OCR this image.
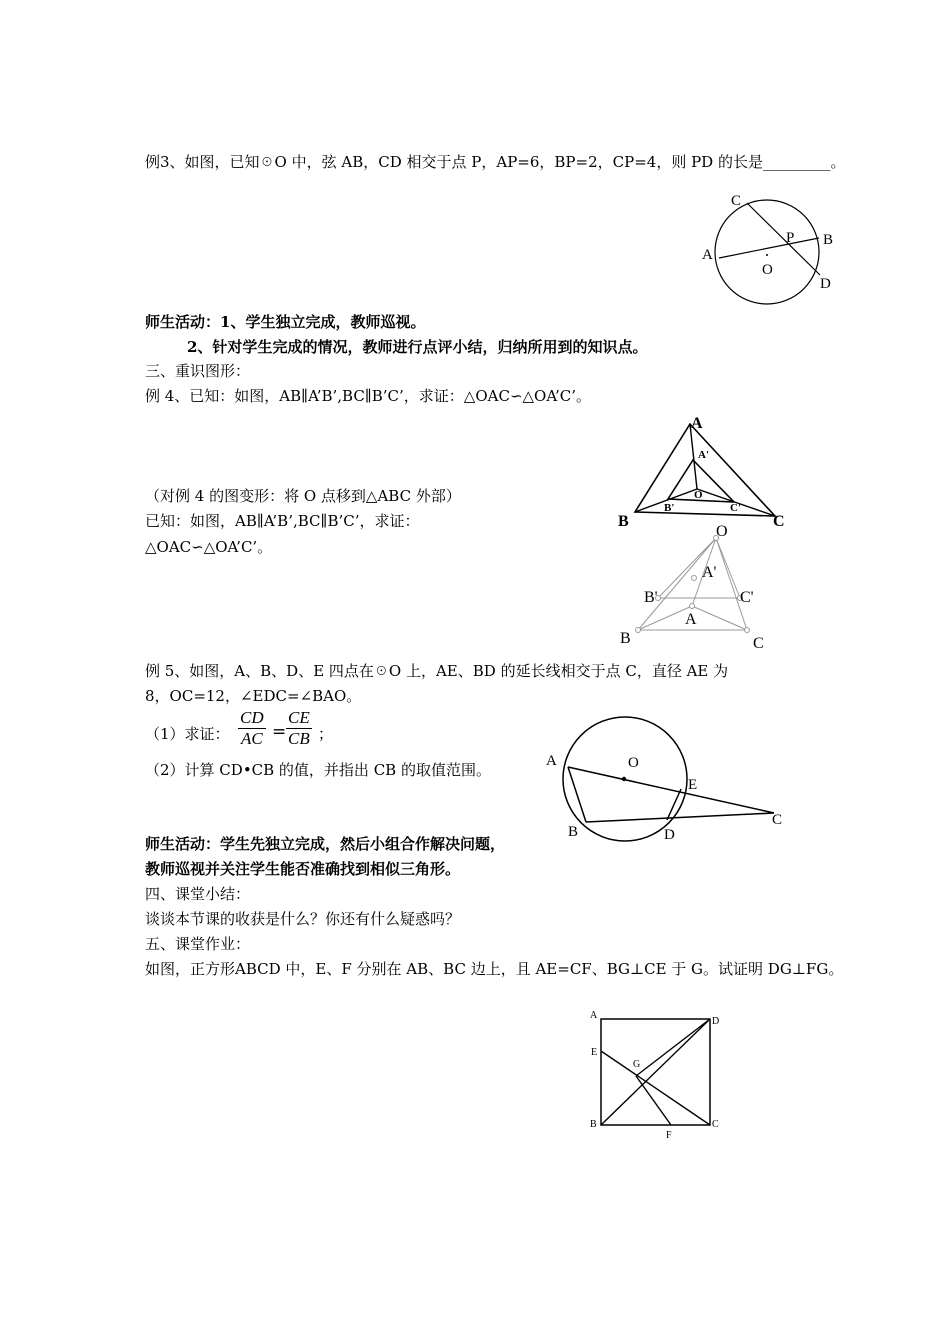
例3、如图，已知☉O 中，弦 AB，CD 相交于点 P，AP=6，BP=2，CP=4，则 PD 的长是_________。
C
P B
A
O
D
师生活动：1、学生独立完成，教师巡视。
2、针对学生完成的情况，教师进行点评小结，归纳所用到的知识点。
三、重识图形：
例 4、已知：如图，AB∥A’B’,BC∥B’C’，求证：△OAC∽△OA’C’。
（对例 4 的图变形：将 O 点移到△ABC 外部）
已知：如图，AB∥A’B’,BC∥B’C’，求证：
△OAC∽△OA’C’。
A
A'
O
B'	C'
B	C
O
A'
B'	C'
A
B	C
例 5、如图，A、B、D、E 四点在☉O 上，AE、BD 的延长线相交于点 C，直径 AE 为
8，OC=12，∠EDC=∠BAO。
（1）求证： $\frac{CD}{AC} = \frac{CE}{CB}$ ；
（2）计算 CD•CB 的值，并指出 CB 的取值范围。	A	O
E
C
B	D
师生活动：学生先独立完成，然后小组合作解决问题，
教师巡视并关注学生能否准确找到相似三角形。
四、课堂小结：
谈谈本节课的收获是什么？你还有什么疑惑吗？
五、课堂作业：
如图，正方形ABCD 中，E、F 分别在 AB、BC 边上，且 AE=CF、BG⊥CE 于 G。试证明 DG⊥FG。
A
D
E
G
B	C
F
